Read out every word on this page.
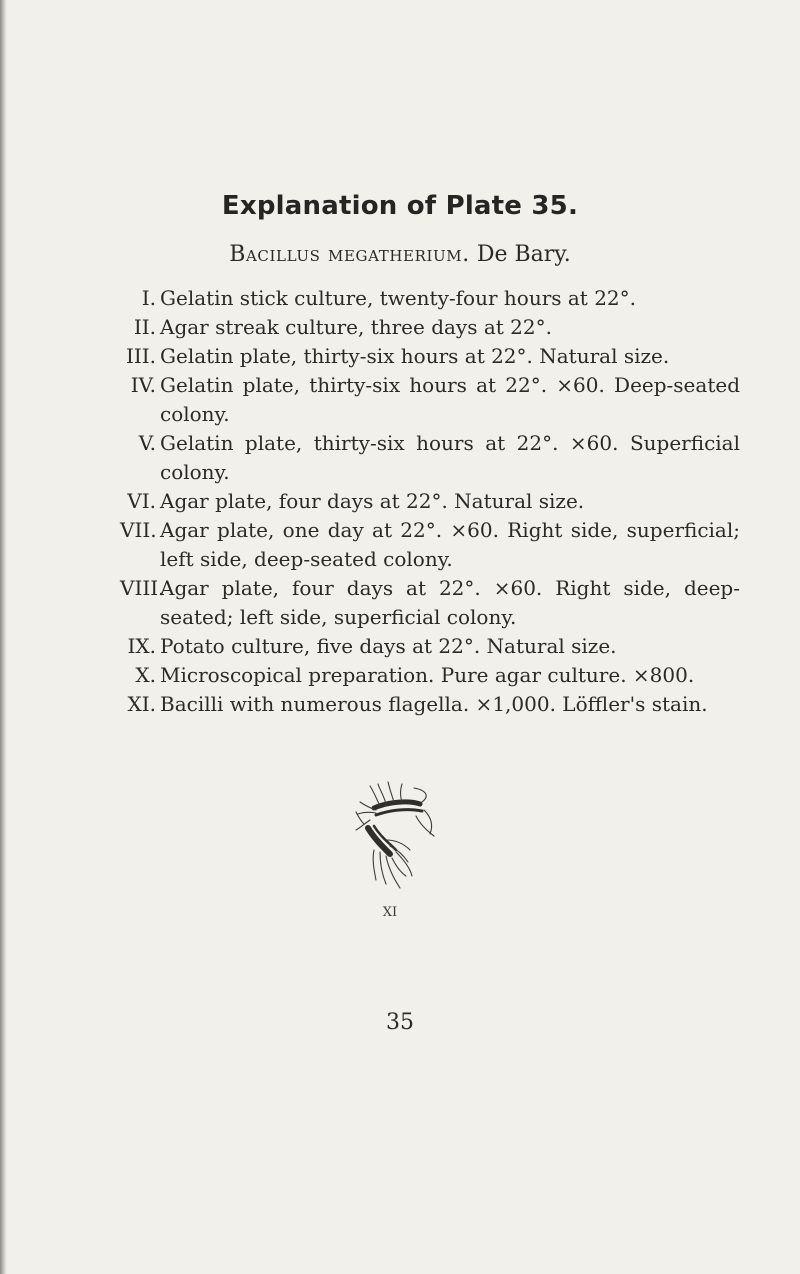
Explanation of Plate 35.
Bacillus megatherium. De Bary.
I. Gelatin stick culture, twenty-four hours at 22°.
II. Agar streak culture, three days at 22°.
III. Gelatin plate, thirty-six hours at 22°. Natural size.
IV. Gelatin plate, thirty-six hours at 22°. ×60. Deep-seated colony.
V. Gelatin plate, thirty-six hours at 22°. ×60. Superficial colony.
VI. Agar plate, four days at 22°. Natural size.
VII. Agar plate, one day at 22°. ×60. Right side, superficial; left side, deep-seated colony.
VIII.
Agar plate, four days at 22°. ×60. Right side, deep-seated; left side, superficial colony.
IX. Potato culture, five days at 22°. Natural size.
X. Microscopical preparation. Pure agar culture. ×800.
XI. Bacilli with numerous flagella. ×1,000. Löffler's stain.
XI
35
